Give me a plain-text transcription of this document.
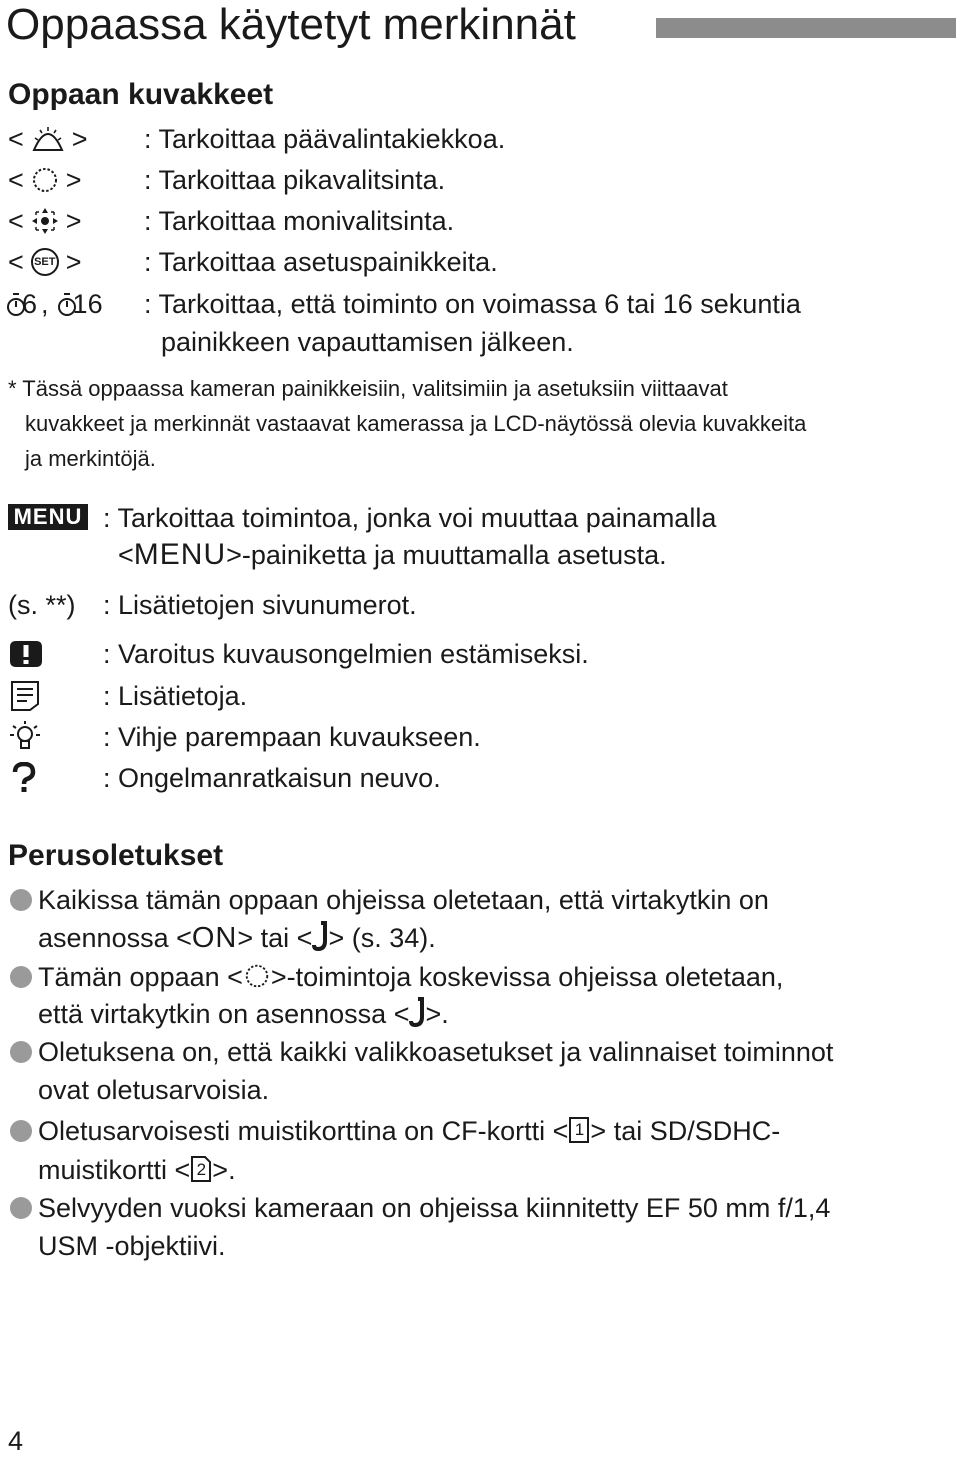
Oppaassa käytetyt merkinnät
Oppaan kuvakkeet
< > : Tarkoittaa päävalintakiekkoa.
< > : Tarkoittaa pikavalitsinta.
< > : Tarkoittaa monivalitsinta.
< SET > : Tarkoittaa asetuspainikkeita.
6 , 16 : Tarkoittaa, että toiminto on voimassa 6 tai 16 sekuntia
painikkeen vapauttamisen jälkeen.
* Tässä oppaassa kameran painikkeisiin, valitsimiin ja asetuksiin viittaavat
kuvakkeet ja merkinnät vastaavat kamerassa ja LCD-näytössä olevia kuvakkeita
ja merkintöjä.
MENU : Tarkoittaa toimintoa, jonka voi muuttaa painamalla
<MENU>-painiketta ja muuttamalla asetusta.
(s. **) : Lisätietojen sivunumerot.
: Varoitus kuvausongelmien estämiseksi.
: Lisätietoja.
: Vihje parempaan kuvaukseen.
: Ongelmanratkaisun neuvo.
Perusoletukset
Kaikissa tämän oppaan ohjeissa oletetaan, että virtakytkin on
asennossa <ON> tai < > (s. 34).
Tämän oppaan < >-toimintoja koskevissa ohjeissa oletetaan,
että virtakytkin on asennossa < >.
Oletuksena on, että kaikki valikkoasetukset ja valinnaiset toiminnot
ovat oletusarvoisia.
Oletusarvoisesti muistikorttina on CF-kortti < 1 > tai SD/SDHC-
muistikortti < 2 >.
Selvyyden vuoksi kameraan on ohjeissa kiinnitetty EF 50 mm f/1,4
USM -objektiivi.
4
